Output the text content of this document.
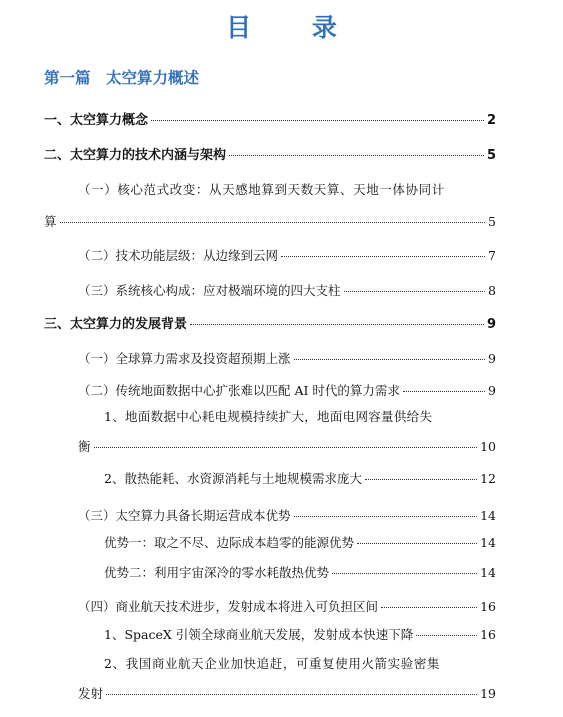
目 录
第一篇　太空算力概述
一、太空算力概念	2
二、太空算力的技术内涵与架构	5
（一）核心范式改变：从天感地算到天数天算、天地一体协同计
算	5
（二）技术功能层级：从边缘到云网	7
（三）系统核心构成：应对极端环境的四大支柱	8
三、太空算力的发展背景	9
（一）全球算力需求及投资超预期上涨	9
（二）传统地面数据中心扩张难以匹配 AI 时代的算力需求	9
1、地面数据中心耗电规模持续扩大，地面电网容量供给失
衡	10
2、散热能耗、水资源消耗与土地规模需求庞大	12
（三）太空算力具备长期运营成本优势	14
优势一：取之不尽、边际成本趋零的能源优势	14
优势二：利用宇宙深冷的零水耗散热优势	14
（四）商业航天技术进步，发射成本将进入可负担区间	16
1、SpaceX 引领全球商业航天发展，发射成本快速下降	16
2、我国商业航天企业加快追赶，可重复使用火箭实验密集
发射	19
